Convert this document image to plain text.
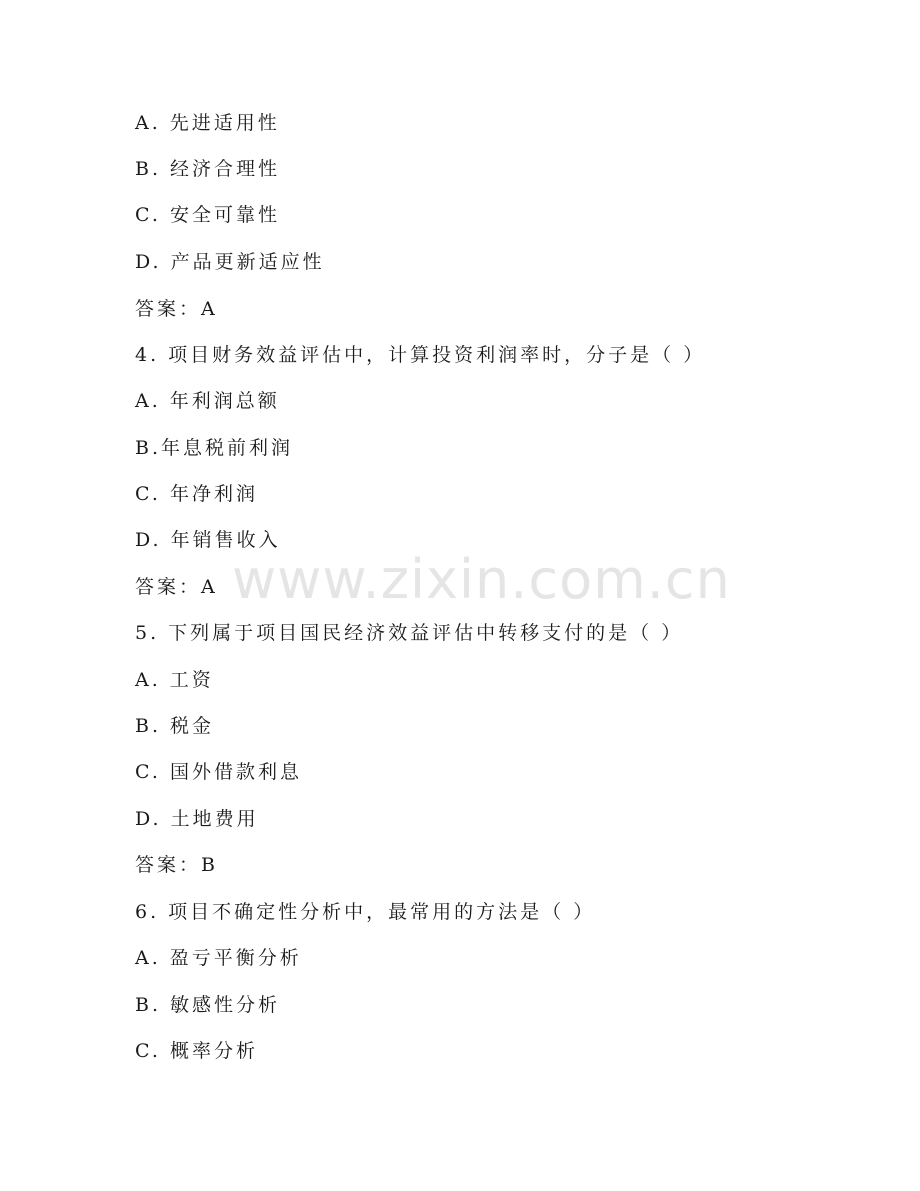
www.zixin.com.cn
A. 先进适用性
B. 经济合理性
C. 安全可靠性
D. 产品更新适应性
答案：A
4. 项目财务效益评估中，计算投资利润率时，分子是（ ）
A. 年利润总额
B.年息税前利润
C. 年净利润
D. 年销售收入
答案：A
5. 下列属于项目国民经济效益评估中转移支付的是（ ）
A. 工资
B. 税金
C. 国外借款利息
D. 土地费用
答案：B
6. 项目不确定性分析中，最常用的方法是（ ）
A. 盈亏平衡分析
B. 敏感性分析
C. 概率分析
